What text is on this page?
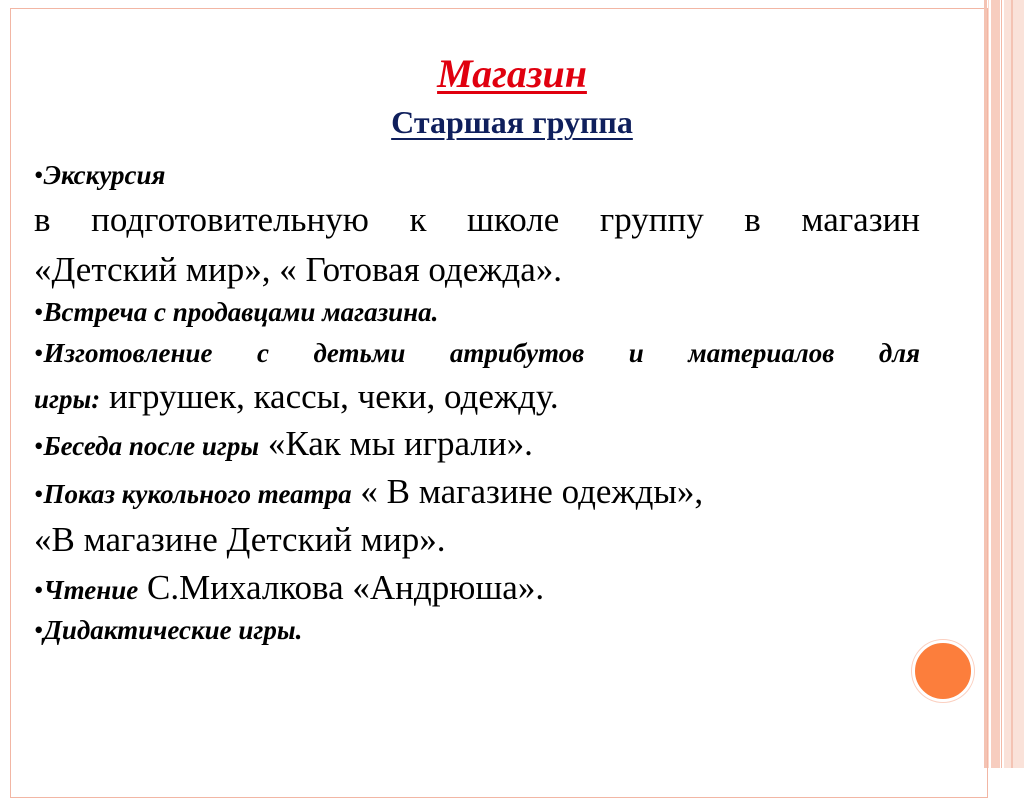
Магазин
Старшая группа

•Экскурсия

в подготовительную к школе группу в магазин

«Детский мир», « Готовая одежда».

•Встреча с продавцами магазина.

•Изготовление с детьми атрибутов и материалов для

игры: игрушек, кассы, чеки, одежду.

•Беседа после игры «Как мы играли».

•Показ кукольного театра « В магазине одежды»,

«В магазине Детский мир».

•Чтение С.Михалкова «Андрюша».

•Дидактические игры.
